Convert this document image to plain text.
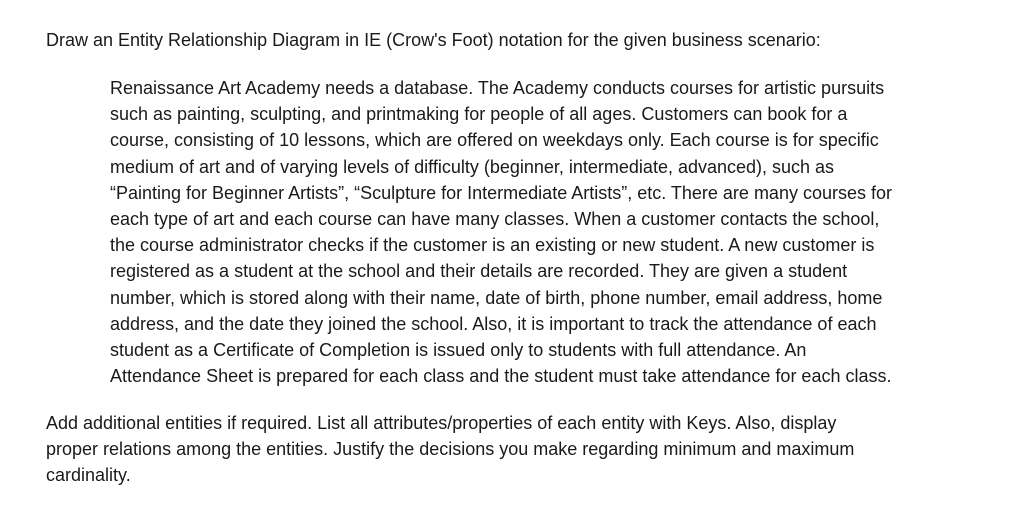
Draw an Entity Relationship Diagram in IE (Crow's Foot) notation for the given business scenario:

Renaissance Art Academy needs a database. The Academy conducts courses for artistic pursuits
such as painting, sculpting, and printmaking for people of all ages. Customers can book for a
course, consisting of 10 lessons, which are offered on weekdays only. Each course is for specific
medium of art and of varying levels of difficulty (beginner, intermediate, advanced), such as
“Painting for Beginner Artists”, “Sculpture for Intermediate Artists”, etc. There are many courses for
each type of art and each course can have many classes. When a customer contacts the school,
the course administrator checks if the customer is an existing or new student. A new customer is
registered as a student at the school and their details are recorded. They are given a student
number, which is stored along with their name, date of birth, phone number, email address, home
address, and the date they joined the school. Also, it is important to track the attendance of each
student as a Certificate of Completion is issued only to students with full attendance. An
Attendance Sheet is prepared for each class and the student must take attendance for each class.
Add additional entities if required. List all attributes/properties of each entity with Keys. Also, display
proper relations among the entities. Justify the decisions you make regarding minimum and maximum
cardinality.
